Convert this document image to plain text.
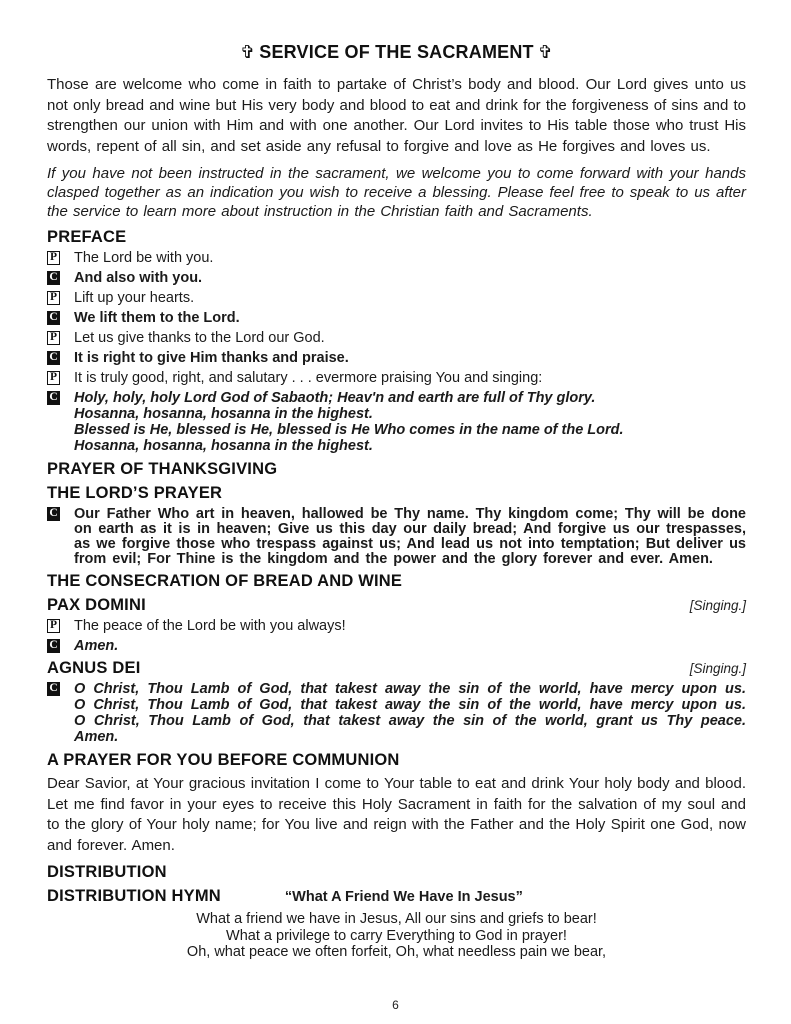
✞ SERVICE OF THE SACRAMENT ✞

Those are welcome who come in faith to partake of Christ’s body and blood. Our Lord gives unto us not only bread and wine but His very body and blood to eat and drink for the forgiveness of sins and to strengthen our union with Him and with one another. Our Lord invites to His table those who trust His words, repent of all sin, and set aside any refusal to forgive and love as He forgives and loves us.

If you have not been instructed in the sacrament, we welcome you to come forward with your hands clasped together as an indication you wish to receive a blessing. Please feel free to speak to us after the service to learn more about instruction in the Christian faith and Sacraments.

PREFACE
P The Lord be with you.
C And also with you.
P Lift up your hearts.
C We lift them to the Lord.
P Let us give thanks to the Lord our God.
C It is right to give Him thanks and praise.
P It is truly good, right, and salutary . . . evermore praising You and singing:
C Holy, holy, holy Lord God of Sabaoth; Heav'n and earth are full of Thy glory.
Hosanna, hosanna, hosanna in the highest.
Blessed is He, blessed is He, blessed is He Who comes in the name of the Lord.
Hosanna, hosanna, hosanna in the highest.
PRAYER OF THANKSGIVING
THE LORD’S PRAYER
C Our Father Who art in heaven, hallowed be Thy name. Thy kingdom come; Thy will be done on earth as it is in heaven; Give us this day our daily bread; And forgive us our trespasses, as we forgive those who trespass against us; And lead us not into temptation; But deliver us from evil; For Thine is the kingdom and the power and the glory forever and ever. Amen.
THE CONSECRATION OF BREAD AND WINE
PAX DOMINI	[Singing.]
P The peace of the Lord be with you always!
C Amen.
AGNUS DEI	[Singing.]
C O Christ, Thou Lamb of God, that takest away the sin of the world, have mercy upon us.
O Christ, Thou Lamb of God, that takest away the sin of the world, have mercy upon us.
O Christ, Thou Lamb of God, that takest away the sin of the world, grant us Thy peace.
Amen.
A PRAYER FOR YOU BEFORE COMMUNION

Dear Savior, at Your gracious invitation I come to Your table to eat and drink Your holy body and blood. Let me find favor in your eyes to receive this Holy Sacrament in faith for the salvation of my soul and to the glory of Your holy name; for You live and reign with the Father and the Holy Spirit one God, now and forever. Amen.

DISTRIBUTION
DISTRIBUTION HYMN	“What A Friend We Have In Jesus”
What a friend we have in Jesus, All our sins and griefs to bear!
What a privilege to carry Everything to God in prayer!
Oh, what peace we often forfeit, Oh, what needless pain we bear,
6
